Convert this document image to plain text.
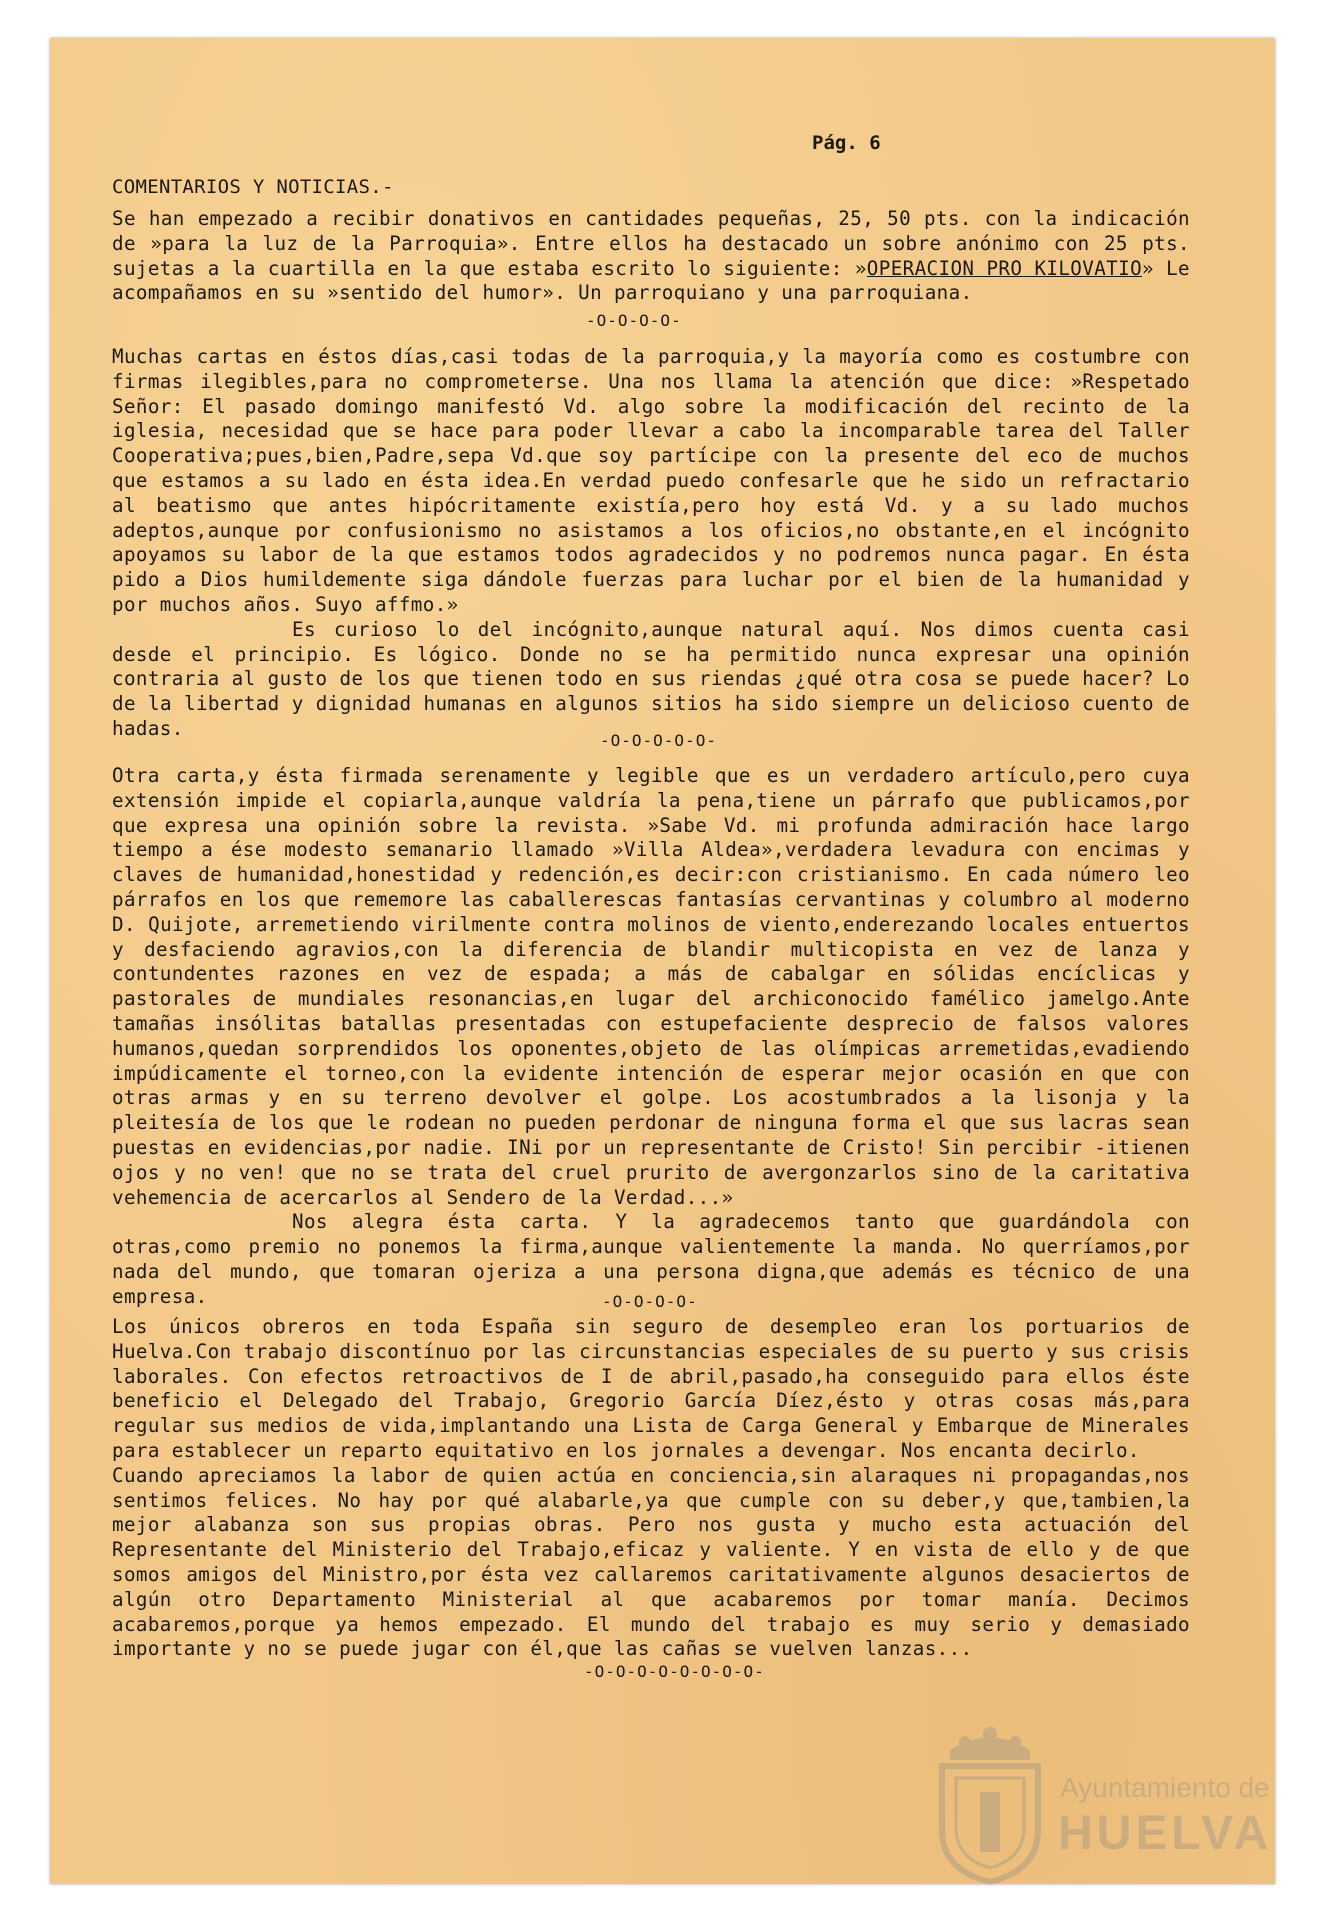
Pág. 6
COMENTARIOS Y NOTICIAS.-
Se han empezado a recibir donativos en cantidades pequeñas, 25, 50 pts. con la indicación de »para la luz de la Parroquia». Entre ellos ha destacado un sobre anónimo con 25 pts. sujetas a la cuartilla en la que estaba escrito lo siguiente: »OPERACION PRO KILOVATIO» Le acompañamos en su »sentido del humor». Un parroquiano y una parroquiana.
-O-O-O-O-
Muchas cartas en éstos días,casi todas de la parroquia,y la mayoría como es costumbre con firmas ilegibles,para no comprometerse. Una nos llama la atención que dice: »Respetado Señor: El pasado domingo manifestó Vd. algo sobre la modificación del recinto de la iglesia, necesidad que se hace para poder llevar a cabo la incomparable tarea del Taller Cooperativa;pues,bien,Padre,sepa Vd.que soy partícipe con la presente del eco de muchos que estamos a su lado en ésta idea.En verdad puedo confesarle que he sido un refractario al beatismo que antes hipócritamente existía,pero hoy está Vd. y a su lado muchos adeptos,aunque por confusionismo no asistamos a los oficios,no obstante,en el incógnito apoyamos su labor de la que estamos todos agradecidos y no podremos nunca pagar. En ésta pido a Dios humildemente siga dándole fuerzas para luchar por el bien de la humanidad y por muchos años. Suyo affmo.»
Es curioso lo del incógnito,aunque natural aquí. Nos dimos cuenta casi desde el principio. Es lógico. Donde no se ha permitido nunca expresar una opinión contraria al gusto de los que tienen todo en sus riendas ¿qué otra cosa se puede hacer? Lo de la libertad y dignidad humanas en algunos sitios ha sido siempre un delicioso cuento de hadas.
-O-O-O-O-O-
Otra carta,y ésta firmada serenamente y legible que es un verdadero artículo,pero cuya extensión impide el copiarla,aunque valdría la pena,tiene un párrafo que publicamos,por que expresa una opinión sobre la revista. »Sabe Vd. mi profunda admiración hace largo tiempo a ése modesto semanario llamado »Villa Aldea»,verdadera levadura con encimas y claves de humanidad,honestidad y redención,es decir:con cristianismo. En cada número leo párrafos en los que rememore las caballerescas fantasías cervantinas y columbro al moderno D. Quijote, arremetiendo virilmente contra molinos de viento,enderezando locales entuertos y desfaciendo agravios,con la diferencia de blandir multicopista en vez de lanza y contundentes razones en vez de espada; a más de cabalgar en sólidas encíclicas y pastorales de mundiales resonancias,en lugar del archiconocido famélico jamelgo.Ante tamañas insólitas batallas presentadas con estupefaciente desprecio de falsos valores humanos,quedan sorprendidos los oponentes,objeto de las olímpicas arremetidas,evadiendo impúdicamente el torneo,con la evidente intención de esperar mejor ocasión en que con otras armas y en su terreno devolver el golpe. Los acostumbrados a la lisonja y la pleitesía de los que le rodean no pueden perdonar de ninguna forma el que sus lacras sean puestas en evidencias,por nadie. INi por un representante de Cristo! Sin percibir -itienen ojos y no ven! que no se trata del cruel prurito de avergonzarlos sino de la caritativa vehemencia de acercarlos al Sendero de la Verdad...»
Nos alegra ésta carta. Y la agradecemos tanto que guardándola con otras,como premio no ponemos la firma,aunque valientemente la manda. No querríamos,por nada del mundo, que tomaran ojeriza a una persona digna,que además es técnico de una empresa.	-O-O-O-O-
Los únicos obreros en toda España sin seguro de desempleo eran los portuarios de Huelva.Con trabajo discontínuo por las circunstancias especiales de su puerto y sus crisis laborales. Con efectos retroactivos de I de abril,pasado,ha conseguido para ellos éste beneficio el Delegado del Trabajo, Gregorio García Díez,ésto y otras cosas más,para regular sus medios de vida,implantando una Lista de Carga General y Embarque de Minerales para establecer un reparto equitativo en los jornales a devengar. Nos encanta decirlo.
Cuando apreciamos la labor de quien actúa en conciencia,sin alaraques ni propagandas,nos sentimos felices. No hay por qué alabarle,ya que cumple con su deber,y que,tambien,la mejor alabanza son sus propias obras. Pero nos gusta y mucho esta actuación del Representante del Ministerio del Trabajo,eficaz y valiente. Y en vista de ello y de que somos amigos del Ministro,por ésta vez callaremos caritativamente algunos desaciertos de algún otro Departamento Ministerial al que acabaremos por tomar manía. Decimos acabaremos,porque ya hemos empezado. El mundo del trabajo es muy serio y demasiado importante y no se puede jugar con él,que las cañas se vuelven lanzas...
-O-O-O-O-O-O-O-O-
Ayuntamiento de
HUELVA
